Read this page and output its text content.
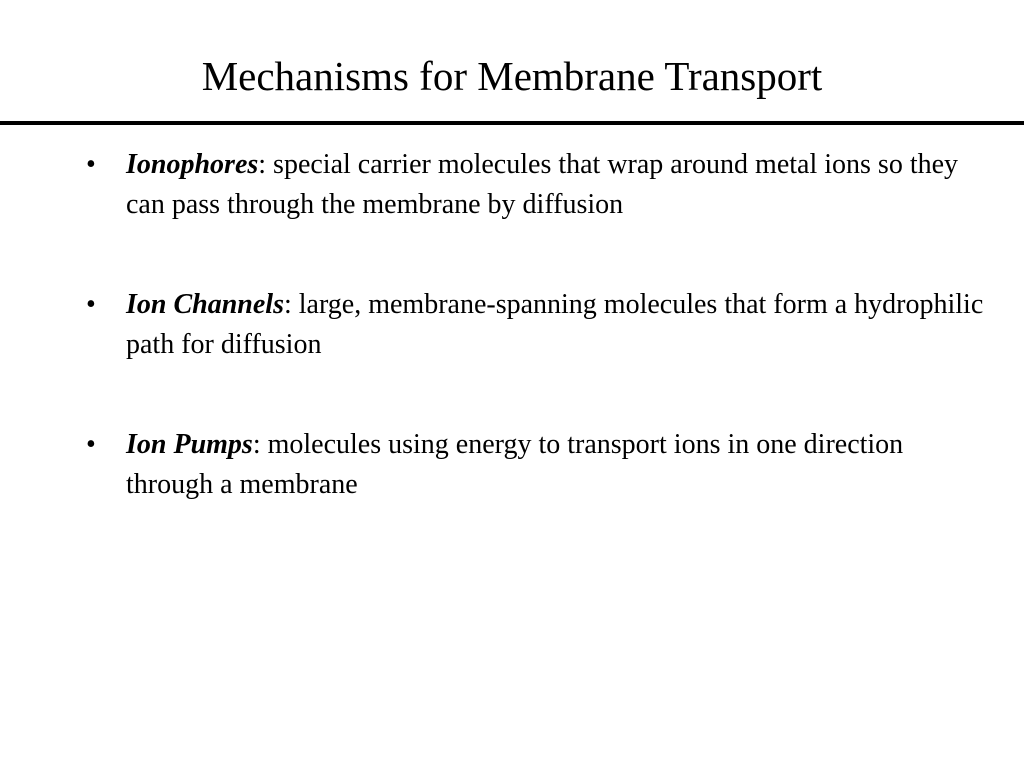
Mechanisms for Membrane Transport
•	Ionophores: special carrier molecules that wrap around metal ions so they can pass through the membrane by diffusion
•	Ion Channels: large, membrane-spanning molecules that form a hydrophilic path for diffusion
•	Ion Pumps: molecules using energy to transport ions in one direction through a membrane
